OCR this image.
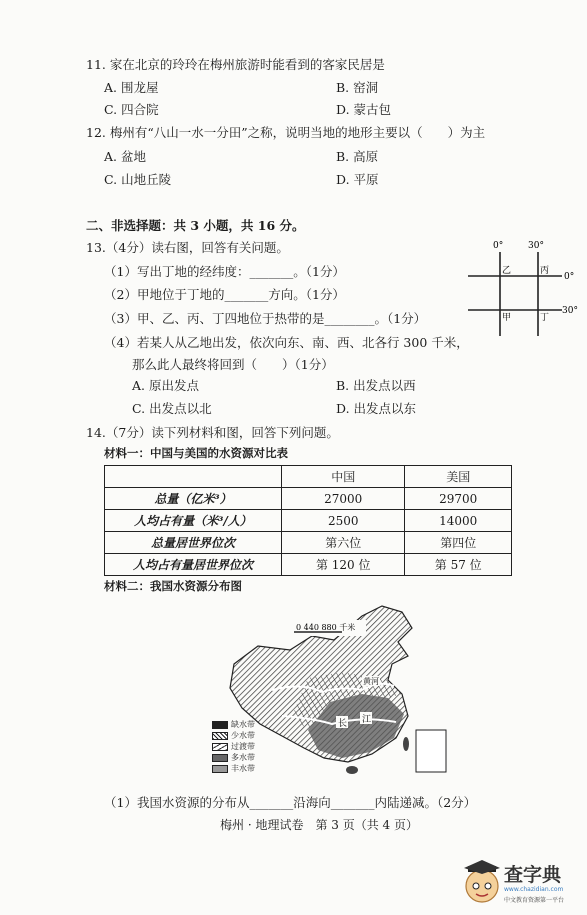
11. 家在北京的玲玲在梅州旅游时能看到的客家民居是
A. 围龙屋	B. 窑洞
C. 四合院	D. 蒙古包
12. 梅州有“八山一水一分田”之称，说明当地的地形主要以（　　）为主
A. 盆地	B. 高原
C. 山地丘陵	D. 平原
二、非选择题：共 3 小题，共 16 分。
13.（4分）读右图，回答有关问题。
（1）写出丁地的经纬度：_______。（1分）
（2）甲地位于丁地的_______方向。（1分）
（3）甲、乙、丙、丁四地位于热带的是________。（1分）
（4）若某人从乙地出发，依次向东、南、西、北各行 300 千米，
那么此人最终将回到（　　）（1分）
A. 原出发点	B. 出发点以西
C. 出发点以北	D. 出发点以东
0°	30°
0°
30°
乙	丙
甲	丁
14.（7分）读下列材料和图，回答下列问题。
材料一：中国与美国的水资源对比表
	中国	美国
总量（亿米³）	27000	29700
人均占有量（米³/人）	2500	14000
总量居世界位次	第六位	第四位
人均占有量居世界位次	第 120 位	第 57 位
材料二：我国水资源分布图
0 440 880 千米
黄河
长 江
缺水带
少水带
过渡带
多水带
丰水带
（1）我国水资源的分布从_______沿海向_______内陆递减。（2分）
梅州 · 地理试卷　第 3 页（共 4 页）
查字典
www.chazidian.com
中文教育资源第一平台
